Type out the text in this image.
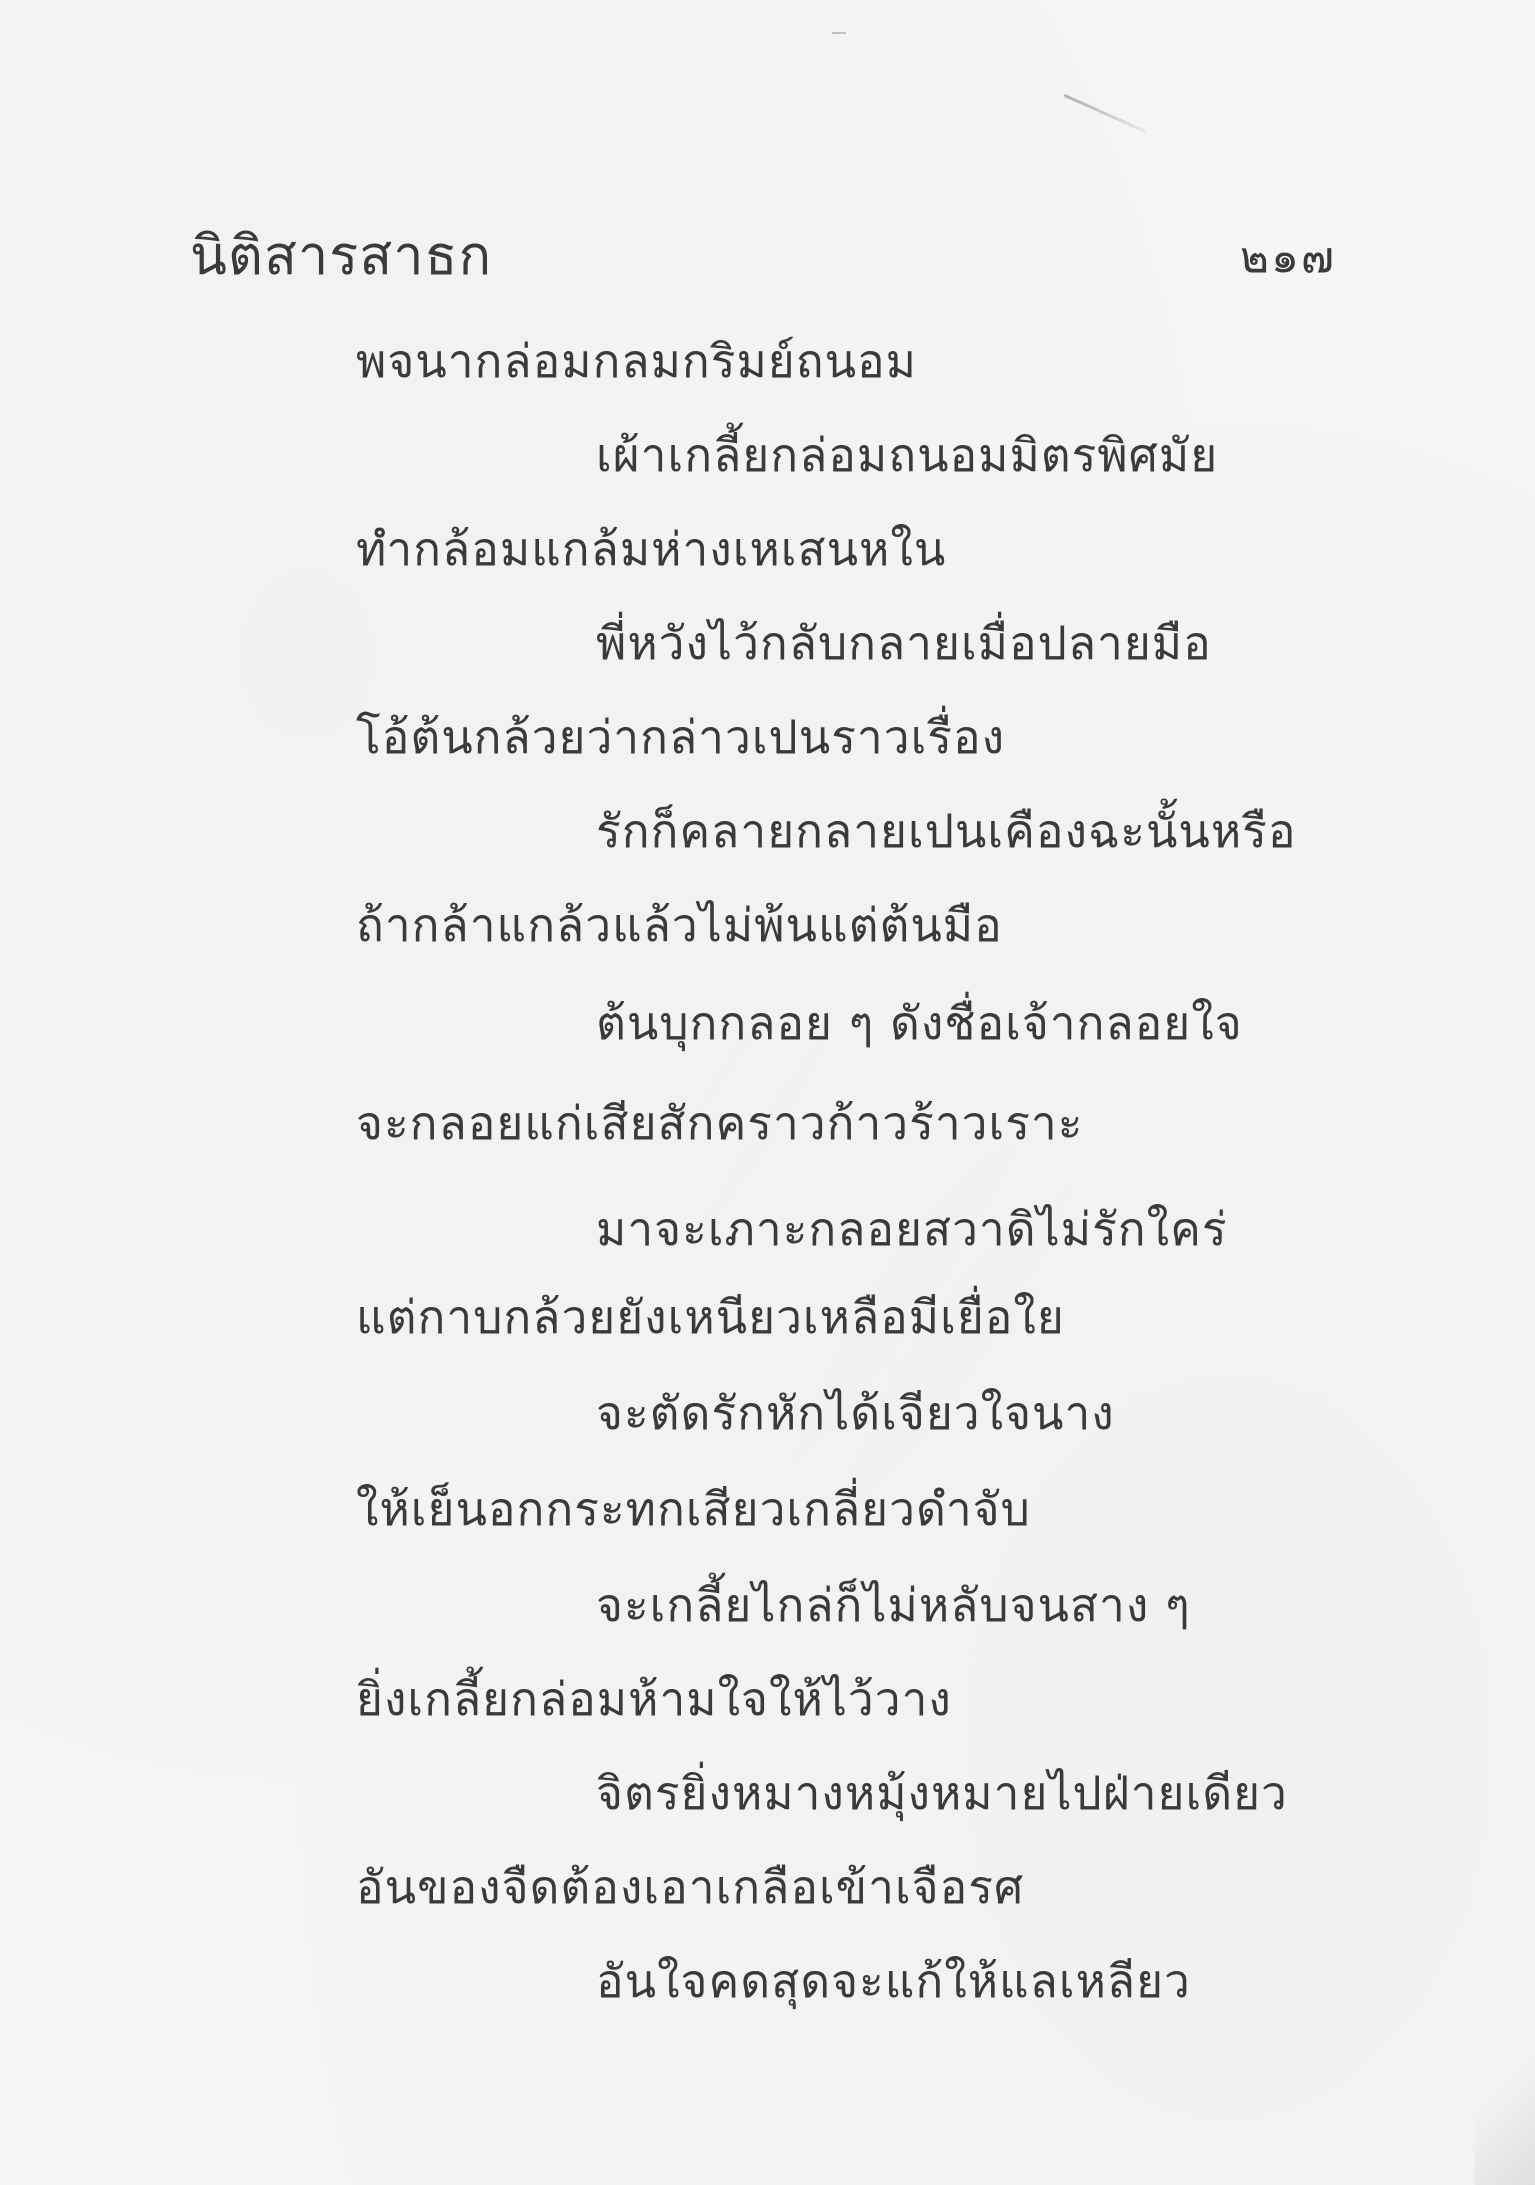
นิติสารสาธก	๒๑๗
พจนากล่อมกลมกริมย์ถนอม
เผ้าเกลี้ยกล่อมถนอมมิตรพิศมัย
ทำกล้อมแกล้มห่างเหเสนหใน
พี่หวังไว้กลับกลายเมื่อปลายมือ
โอ้ต้นกล้วยว่ากล่าวเปนราวเรื่อง
รักก็คลายกลายเปนเคืองฉะนั้นหรือ
ถ้ากล้าแกล้วแล้วไม่พ้นแต่ต้นมือ
ต้นบุกกลอย ๆ ดังชื่อเจ้ากลอยใจ
จะกลอยแก่เสียสักคราวก้าวร้าวเราะ
มาจะเภาะกลอยสวาดิไม่รักใคร่
แต่กาบกล้วยยังเหนียวเหลือมีเยื่อใย
จะตัดรักหักได้เจียวใจนาง
ให้เย็นอกกระทกเสียวเกลี่ยวดำจับ
จะเกลี้ยไกล่ก็ไม่หลับจนสาง ๆ
ยิ่งเกลี้ยกล่อมห้ามใจให้ไว้วาง
จิตรยิ่งหมางหมุ้งหมายไปฝ่ายเดียว
อันของจืดต้องเอาเกลือเข้าเจือรศ
อันใจคดสุดจะแก้ให้แลเหลียว
